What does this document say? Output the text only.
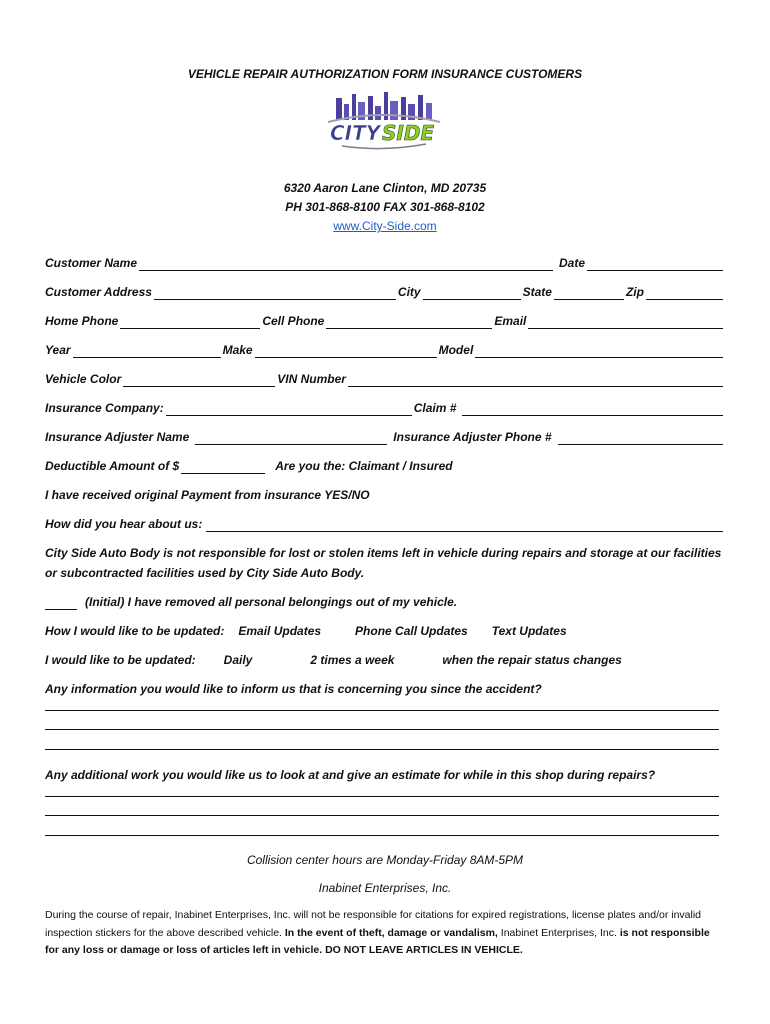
VEHICLE REPAIR AUTHORIZATION FORM INSURANCE CUSTOMERS
CITY SIDE
6320 Aaron Lane Clinton, MD 20735
PH 301-868-8100 FAX 301-868-8102
www.City-Side.com
Customer Name	Date
Customer Address	City	State	Zip
Home Phone	Cell Phone	Email
Year	Make	Model
Vehicle Color	VIN Number
Insurance Company:	Claim #
Insurance Adjuster Name	Insurance Adjuster Phone #
Deductible Amount of $	Are you the: Claimant / Insured
I have received original Payment from insurance YES/NO
How did you hear about us:
City Side Auto Body is not responsible for lost or stolen items left in vehicle during repairs and storage at our facilities
or subcontracted facilities used by City Side Auto Body.
(Initial) I have removed all personal belongings out of my vehicle.
How I would like to be updated: Email Updates	Phone Call Updates Text Updates
I would like to be updated: Daily	2 times a week	when the repair status changes
Any information you would like to inform us that is concerning you since the accident?
Any additional work you would like us to look at and give an estimate for while in this shop during repairs?
Collision center hours are Monday-Friday 8AM-5PM
Inabinet Enterprises, Inc.
During the course of repair, Inabinet Enterprises, Inc. will not be responsible for citations for expired registrations, license plates and/or invalid inspection stickers for the above described vehicle. In the event of theft, damage or vandalism, Inabinet Enterprises, Inc. is not responsible for any loss or damage or loss of articles left in vehicle. DO NOT LEAVE ARTICLES IN VEHICLE.
